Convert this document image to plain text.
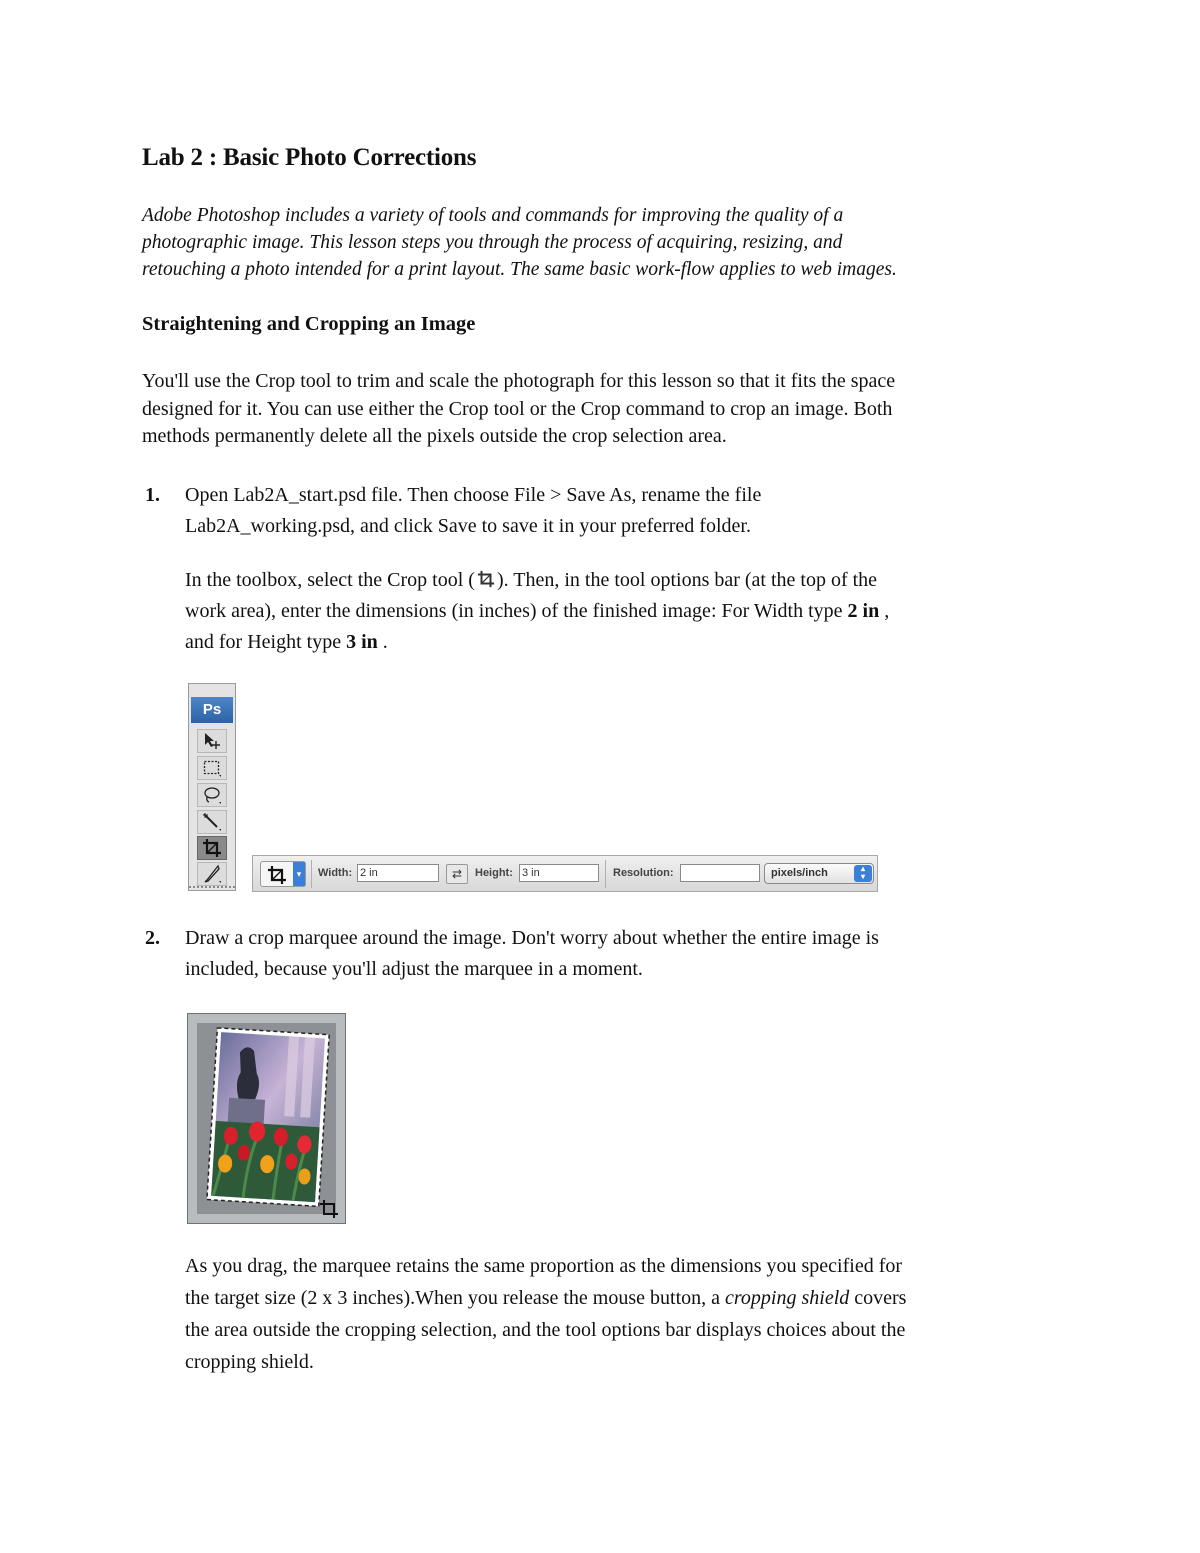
Lab 2 : Basic Photo Corrections
Adobe Photoshop includes a variety of tools and commands for improving the quality of a
photographic image. This lesson steps you through the process of acquiring, resizing, and
retouching a photo intended for a print layout. The same basic work-flow applies to web images.
Straightening and Cropping an Image
You'll use the Crop tool to trim and scale the photograph for this lesson so that it fits the space
designed for it. You can use either the Crop tool or the Crop command to crop an image. Both
methods permanently delete all the pixels outside the crop selection area.
1. Open Lab2A_start.psd file. Then choose File > Save As, rename the file
Lab2A_working.psd, and click Save to save it in your preferred folder.
In the toolbox, select the Crop tool ( ). Then, in the tool options bar (at the top of the
work area), enter the dimensions (in inches) of the finished image: For Width type 2 in ,
and for Height type 3 in .
Ps
▾	Width: 2 in	⇄	Height: 3 in	Resolution:	pixels/inch	▴
▾
2. Draw a crop marquee around the image. Don't worry about whether the entire image is
included, because you'll adjust the marquee in a moment.
As you drag, the marquee retains the same proportion as the dimensions you specified for
the target size (2 x 3 inches).When you release the mouse button, a cropping shield covers
the area outside the cropping selection, and the tool options bar displays choices about the
cropping shield.
